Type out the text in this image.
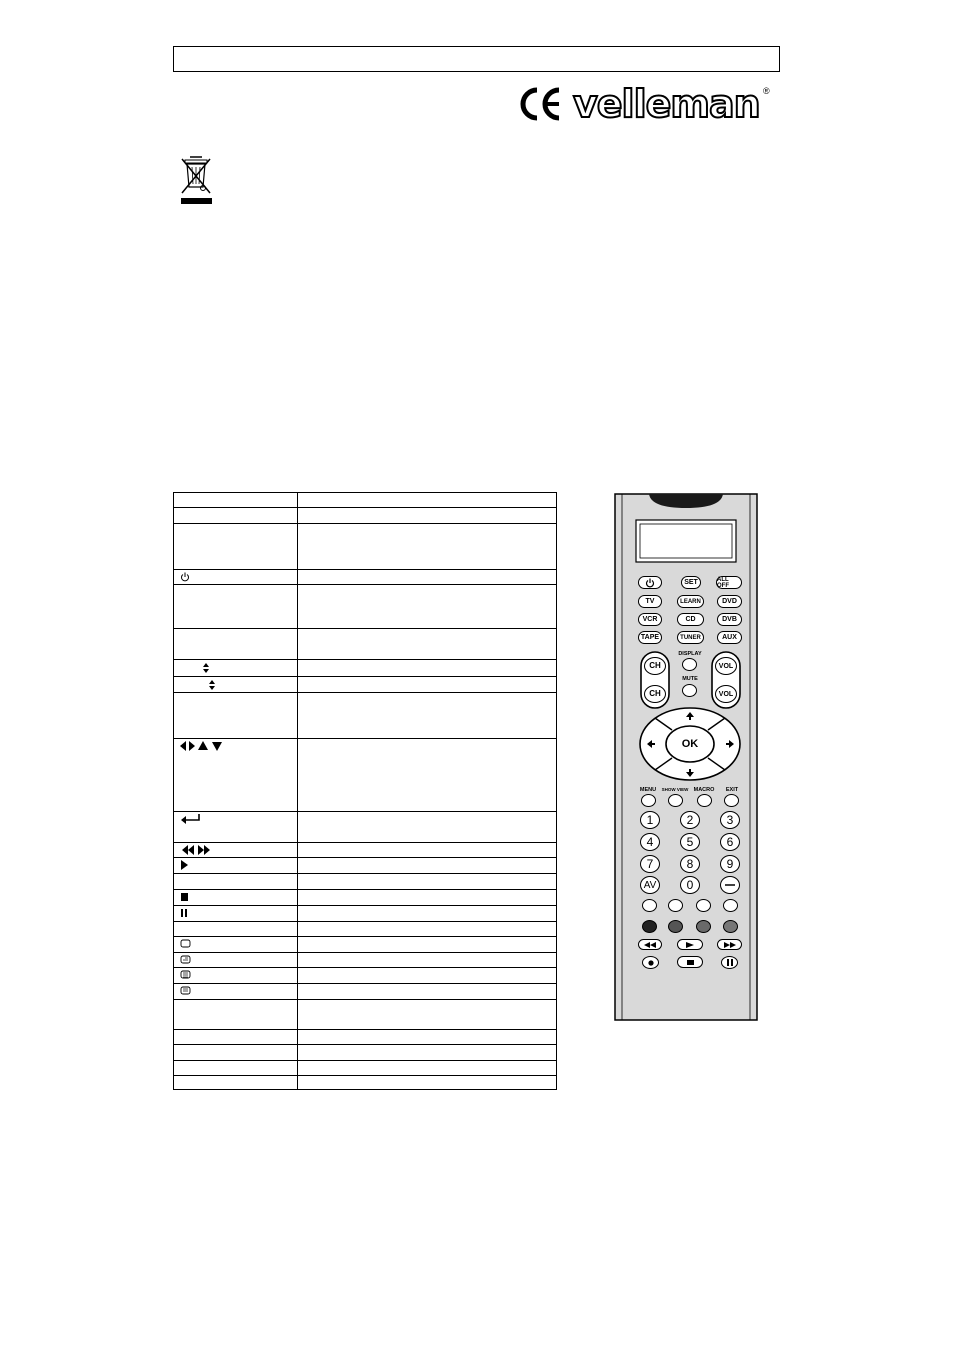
velleman ®
SET	ALL OFF
TV	LEARN	DVD
VCR	CD	DVB
TAPE	TUNER	AUX
CH
CH
VOL
VOL
DISPLAY
MUTE
OK
MENU	SHOW VIEW MACRO	EXIT
1	2	3
4	5	6
7	8	9
AV	0
